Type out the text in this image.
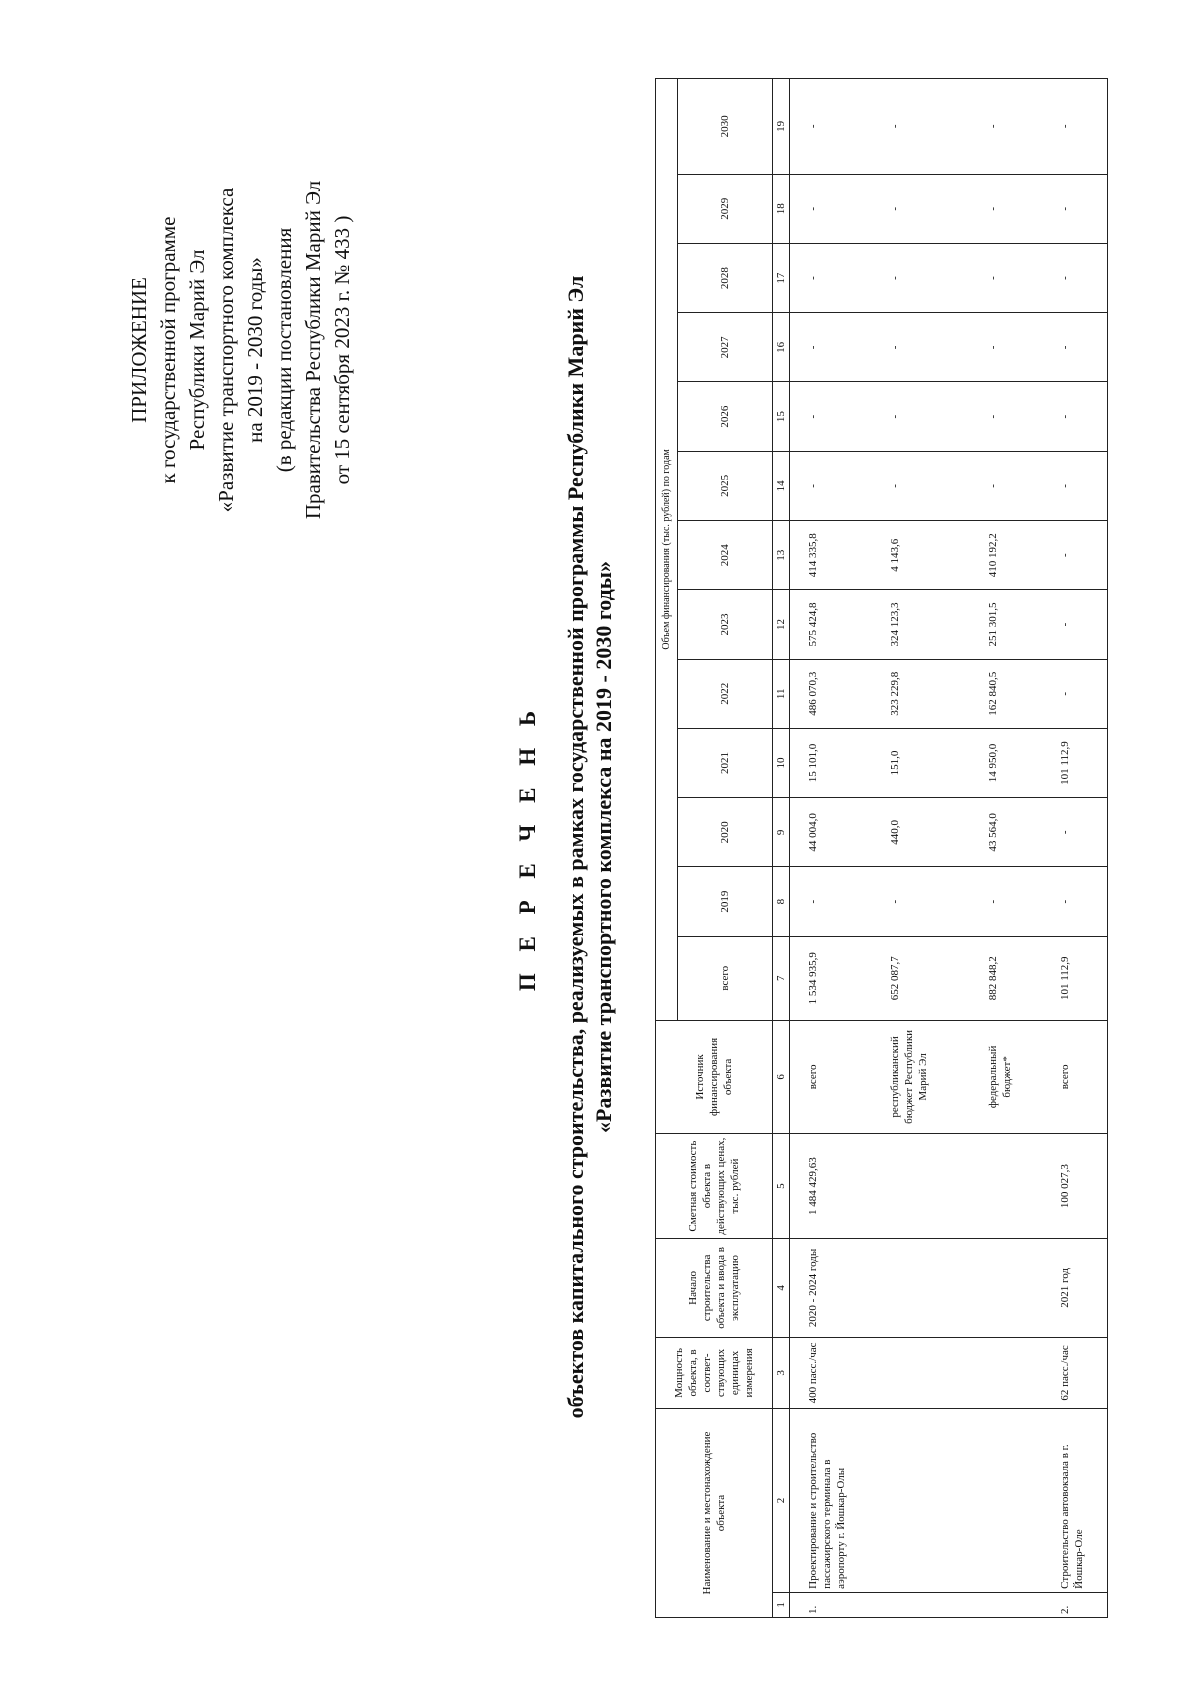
ПРИЛОЖЕНИЕ к государственной программе Республики Марий Эл «Развитие транспортного комплекса на 2019 - 2030 годы» (в редакции постановления Правительства Республики Марий Эл от 15 сентября 2023 г. № 433 )
П Е Р Е Ч Е Н Ь объектов капитального строительства, реализуемых в рамках государственной программы Республики Марий Эл «Развитие транспортного комплекса на 2019 - 2030 годы»
Наименование и местонахождение объекта		Мощность объекта, в соответ-ствующих единицах измерения	Начало строительства объекта и ввода в эксплуатацию	Сметная стоимость объекта в действующих ценах, тыс. рублей	Источник финансирования объекта	Объем финансирования (тыс. рублей) по годам												
						всего	2019	2020	2021	2022	2023	2024	2025	2026	2027	2028	2029	2030
1	2	3	4	5	6	7	8	9	10	11	12	13	14	15	16	17	18	19
1.	Проектирование и строительство пассажирского терминала в аэропорту г. Йошкар-Олы	400 пасс./час	2020 - 2024 годы	1 484 429,63	всего	1 534 935,9	-	44 004,0	15 101,0	486 070,3	575 424,8	414 335,8	-	-	-	-	-	-
					республиканский бюджет Республики Марий Эл	652 087,7	-	440,0	151,0	323 229,8	324 123,3	4 143,6	-	-	-	-	-	-
					федеральный бюджет*	882 848,2	-	43 564,0	14 950,0	162 840,5	251 301,5	410 192,2	-	-	-	-	-	-
2.	Строительство автовокзала в г. Йошкар-Оле	62 пасс./час	2021 год	100 027,3	всего	101 112,9	-	-	101 112,9	-	-	-	-	-	-	-	-	-
